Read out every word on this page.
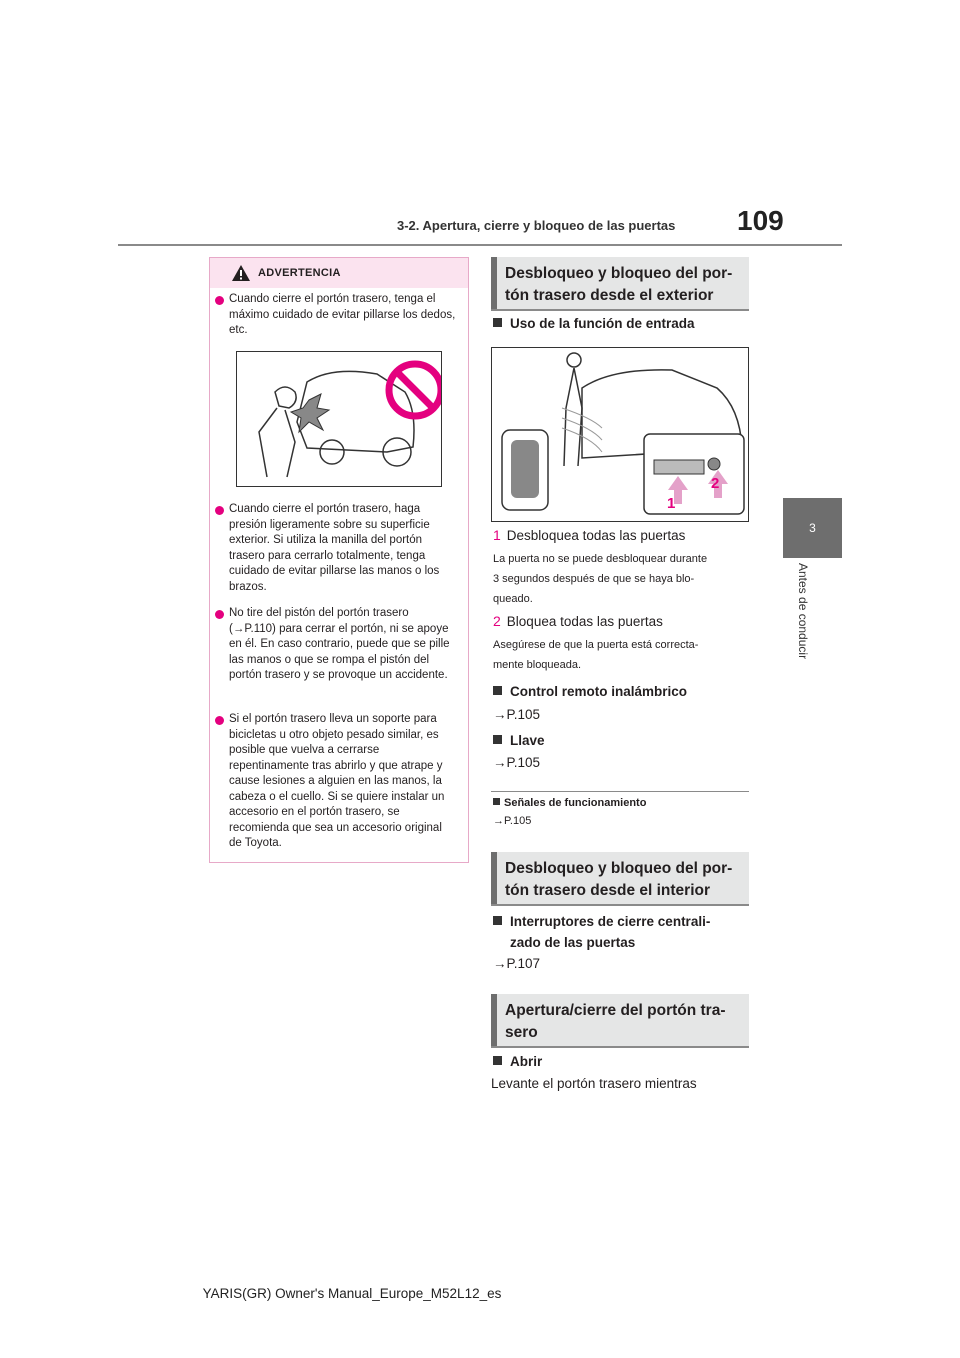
3-2. Apertura, cierre y bloqueo de las puertas 109
3
Antes de conducir
ADVERTENCIA
Cuando cierre el portón trasero, tenga el máximo cuidado de evitar pillarse los dedos, etc.
Cuando cierre el portón trasero, haga presión ligeramente sobre su superficie exterior. Si utiliza la manilla del portón trasero para cerrarlo totalmente, tenga cuidado de evitar pillarse las manos o los brazos.
No tire del pistón del portón trasero (→P.110) para cerrar el portón, ni se apoye en él. En caso contrario, puede que se pille las manos o que se rompa el pistón del portón trasero y se provoque un accidente.
Si el portón trasero lleva un soporte para bicicletas u otro objeto pesado similar, es posible que vuelva a cerrarse repentinamente tras abrirlo y que atrape y cause lesiones a alguien en las manos, la cabeza o el cuello. Si se quiere instalar un accesorio en el portón trasero, se recomienda que sea un accesorio original de Toyota.
Desbloqueo y bloqueo del por-
tón trasero desde el exterior
Uso de la función de entrada
1
2
1 Desbloquea todas las puertas
La puerta no se puede desbloquear durante
3 segundos después de que se haya blo-
queado.
2 Bloquea todas las puertas
Asegúrese de que la puerta está correcta-
mente bloqueada.
Control remoto inalámbrico
→P.105
Llave
→P.105
Señales de funcionamiento
→P.105
Desbloqueo y bloqueo del por-
tón trasero desde el interior
Interruptores de cierre centrali-
zado de las puertas
→P.107
Apertura/cierre del portón tra-
sero
Abrir
Levante el portón trasero mientras
YARIS(GR) Owner's Manual_Europe_M52L12_es
